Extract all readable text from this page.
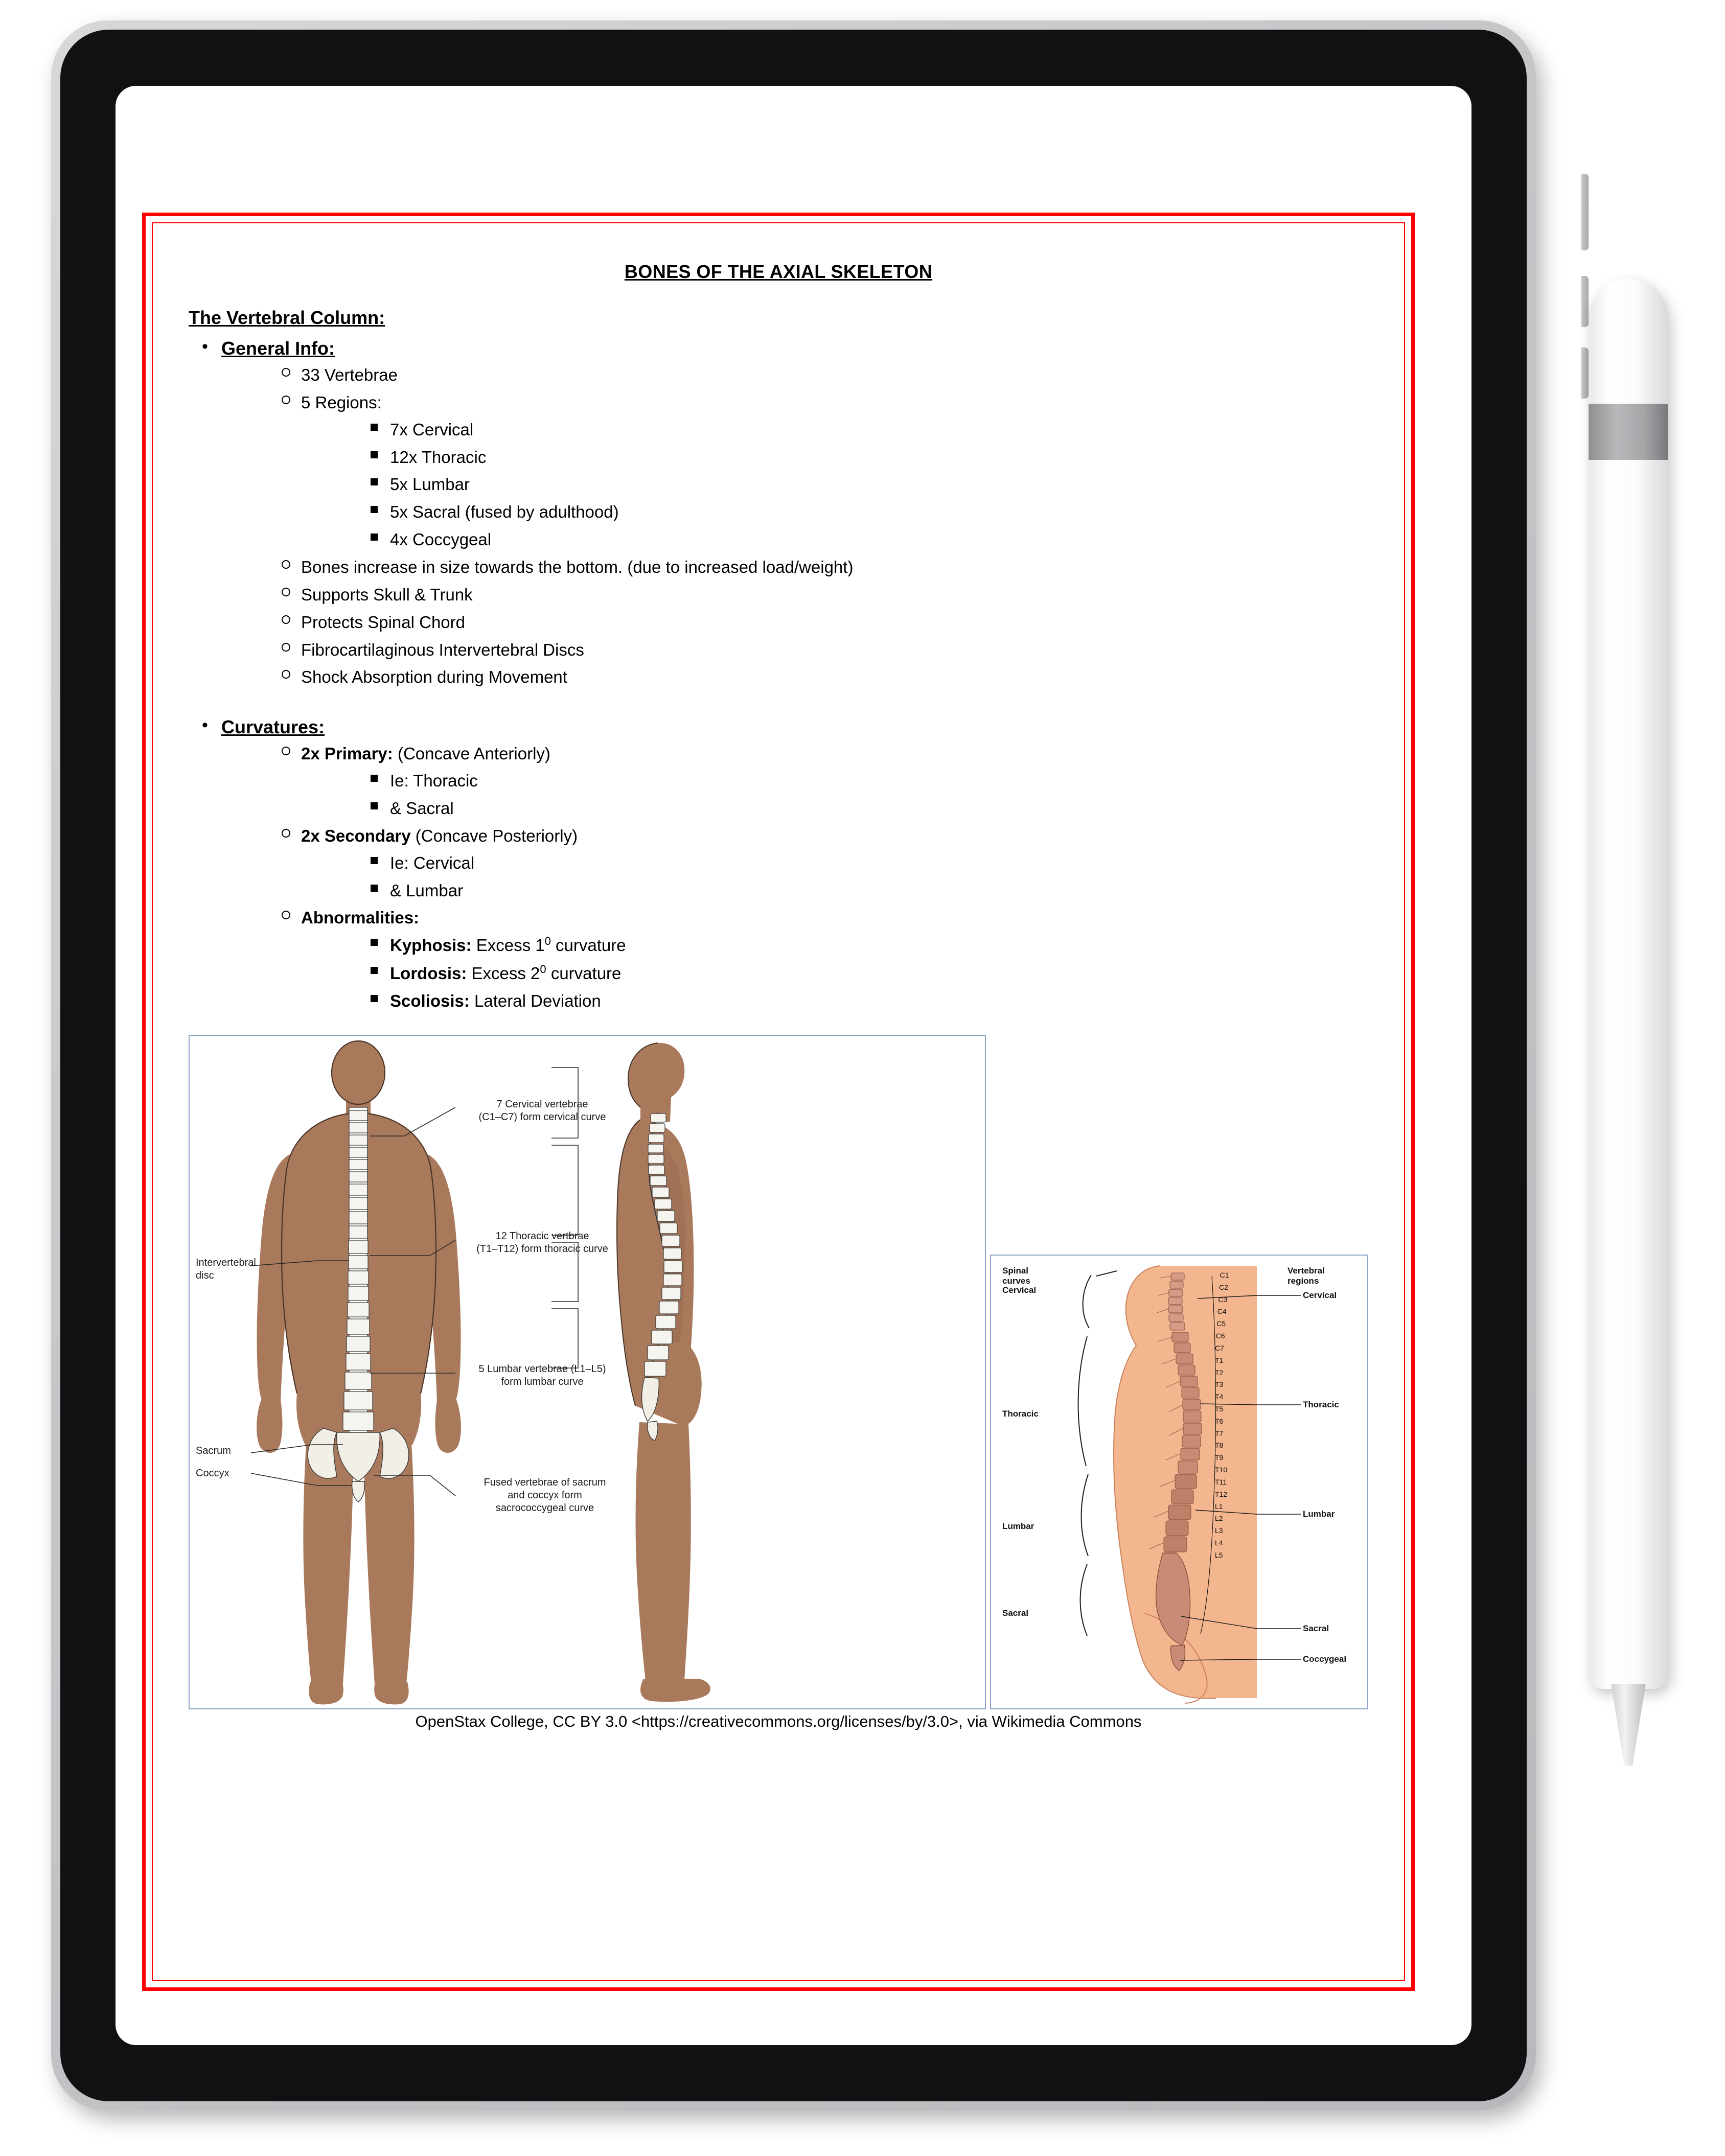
BONES OF THE AXIAL SKELETON
The Vertebral Column:
• General Info:
33 Vertebrae
5 Regions:
7x Cervical
12x Thoracic
5x Lumbar
5x Sacral (fused by adulthood)
4x Coccygeal
Bones increase in size towards the bottom. (due to increased load/weight)
Supports Skull & Trunk
Protects Spinal Chord
Fibrocartilaginous Intervertebral Discs
Shock Absorption during Movement
• Curvatures:
2x Primary: (Concave Anteriorly)
Ie: Thoracic
& Sacral
2x Secondary (Concave Posteriorly)
Ie: Cervical
& Lumbar
Abnormalities:
Kyphosis: Excess $1^0$ curvature
Lordosis: Excess $2^0$ curvature
Scoliosis: Lateral Deviation
7 Cervical vertebrae
(C1–C7) form cervical curve
12 Thoracic vertbrae
(T1–T12) form thoracic curve
5 Lumbar vertebrae (L1–L5)
form lumbar curve
Fused vertebrae of sacrum
and coccyx form
sacrococcygeal curve
Intervertebral
disc
Sacrum
Coccyx
Spinal
curves
Vertebral
regions
Cervical
Thoracic
Lumbar
Sacral
Cervical
Thoracic
Lumbar
Sacral
Coccygeal
C1
C2
C3
C4
C5
C6
C7
T1
T2
T3
T4
T5
T6
T7
T8
T9
T10
T11
T12
L1
L2
L3
L4
L5
OpenStax College, CC BY 3.0 <https://creativecommons.org/licenses/by/3.0>, via Wikimedia Commons
